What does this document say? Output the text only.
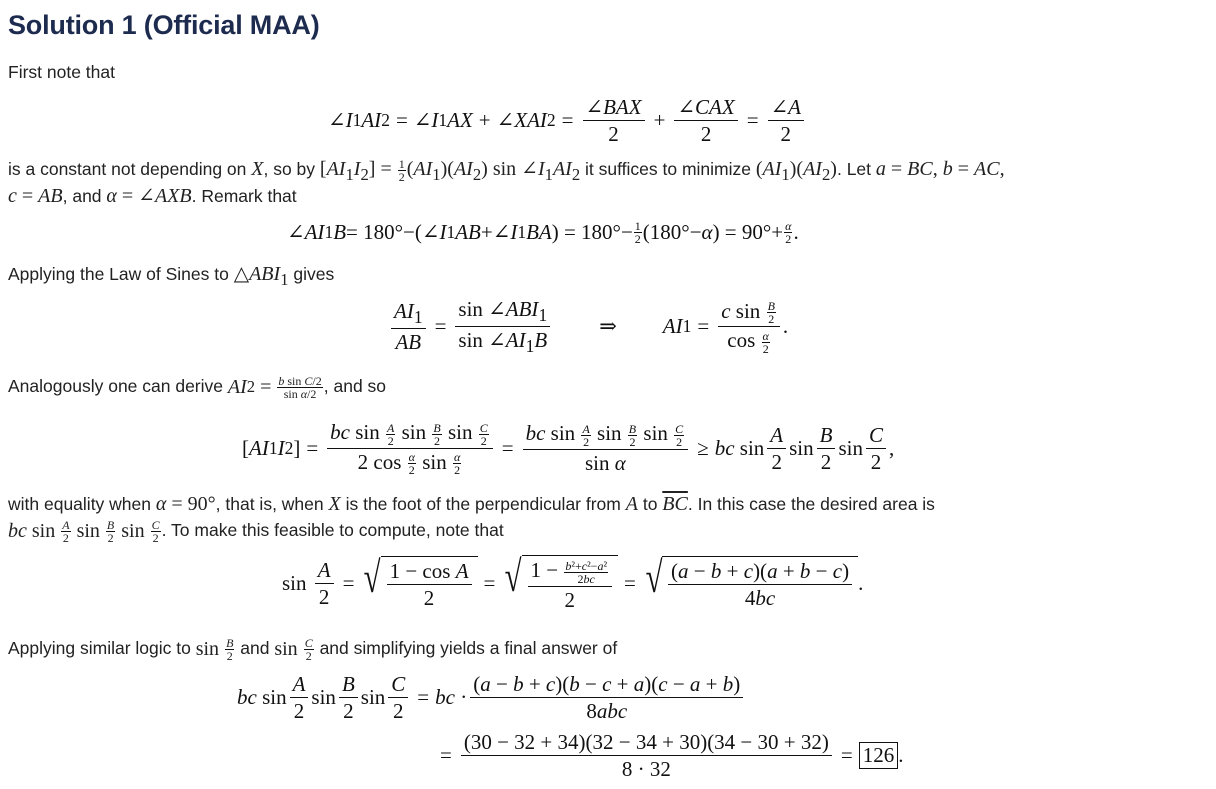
Solution 1 (Official MAA)
First note that
∠ I 1 AI 2 = ∠ I 1 AX + ∠ XAI $2 = \frac{\text{∠BAX}}{2} + \frac{\text{∠CAX}}{2} = \frac{\angle A}{2}$
is a constant not depending on X, so by $[AI_1I_2] = \frac{1}{2} (AI_1)(AI_2)$ $\sin \angle I_1AI_2$ it suffices to minimize $(AI_1)(AI_2)$. Let a = BC, b = AC,
c = AB, and α = ∠AXB. Remark that
∠ AI 1 B = 180°−(∠ I 1 AB +∠ I 1 BA ) = $180^\circ- \frac{1}{2} (180^\circ- \alpha$ ) = $90^\circ+ \frac{\alpha}{2}$ .
Applying the Law of Sines to $\triangle ABI_1$ gives
$\frac{AI_1}{AB} = \frac{\sin \angle ABI_1}{\sin \angle AI_1B}$ ⇒ AI $1 = \frac{c \sin \frac{B}{2}}{\cos \frac{\alpha}{2}}$ .
Analogously one can derive AI $2 = \frac{\text{b sin C/2}}{\text{sin α/2}}$ , and so
[ AI 1 I 2 ] = $\frac{bc \sin \frac{A}{2} \sin \frac{B}{2} \sin \frac{C}{2}}{2 \cos \frac{\alpha}{2} \sin \frac{\alpha}{2}} = \frac{bc \sin \frac{A}{2} \sin \frac{B}{2} \sin \frac{C}{2}}{\text{sin α}}$ ≥ bc $\sin \frac{A}{2}$ $\sin \frac{B}{2}$ $\sin \frac{C}{2}$ ,
with equality when α = 90°, that is, when X is the foot of the perpendicular from A to $\overline{BC}$. In this case the desired area is
bc $\sin \frac{A}{2}$ $\sin \frac{B}{2}$ $\sin \frac{C}{2}$ . To make this feasible to compute, note that
$\sin \frac{A}{2}$ = √ $\frac{\text{1 − cos A}}{2}$ = √ $\frac{1 - \frac{\text{b²+c²−a²}}{2bc}}{2}$ = √ $\frac{(a - b + c)(a + b - c)}{4bc}$ .
Applying similar logic to $\sin \frac{B}{2}$ and $\sin \frac{C}{2}$ and simplifying yields a final answer of
bc $\sin \frac{A}{2}$ $\sin \frac{B}{2}$ $\sin \frac{C}{2}$ = bc · $\frac{(a - b + c)(b - c + a)(c - a + b)}{\text{8abc}}$
= $\frac{(30 - 32 + 34)(32 - 34 + 30)(34 - 30 + 32)}{8 \cdot 32} = 126$ .
